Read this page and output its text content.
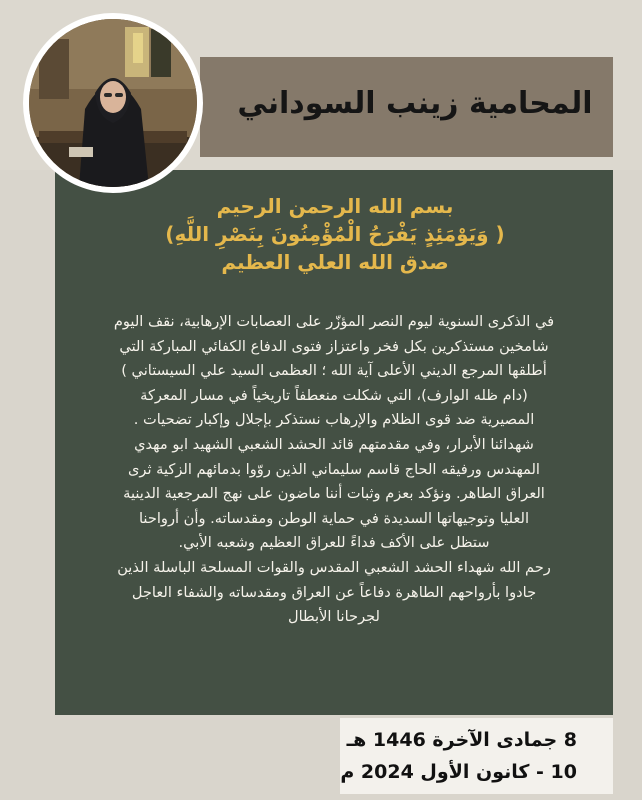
المحامية زينب السوداني
بسم الله الرحمن الرحيم
( وَيَوْمَئِذٍ يَفْرَحُ الْمُؤْمِنُونَ بِنَصْرِ اللَّهِ)
صدق الله العلي العظيم
في الذكرى السنوية ليوم النصر المؤزّر على العصابات الإرهابية، نقف اليوم
شامخين مستذكرين بكل فخر واعتزاز فتوى الدفاع الكفائي المباركة التي
أطلقها المرجع الديني الأعلى آية الله ؛ العظمى السيد علي السيستاني )
(دام ظله الوارف)، التي شكلت منعطفاً تاريخياً في مسار المعركة
المصيرية ضد قوى الظلام والإرهاب نستذكر بإجلال وإكبار تضحيات .
شهدائنا الأبرار، وفي مقدمتهم قائد الحشد الشعبي الشهيد ابو مهدي
المهندس ورفيقه الحاج قاسم سليماني الذين روّوا بدمائهم الزكية ثرى
العراق الطاهر. ونؤكد بعزم وثبات أننا ماضون على نهج المرجعية الدينية
العليا وتوجيهاتها السديدة في حماية الوطن ومقدساته. وأن أرواحنا
ستظل على الأكف فداءً للعراق العظيم وشعبه الأبي.
رحم الله شهداء الحشد الشعبي المقدس والقوات المسلحة الباسلة الذين
جادوا بأرواحهم الطاهرة دفاعاً عن العراق ومقدساته والشفاء العاجل
لجرحانا الأبطال
8 جمادى الآخرة 1446 هـ
10 - كانون الأول 2024 م
